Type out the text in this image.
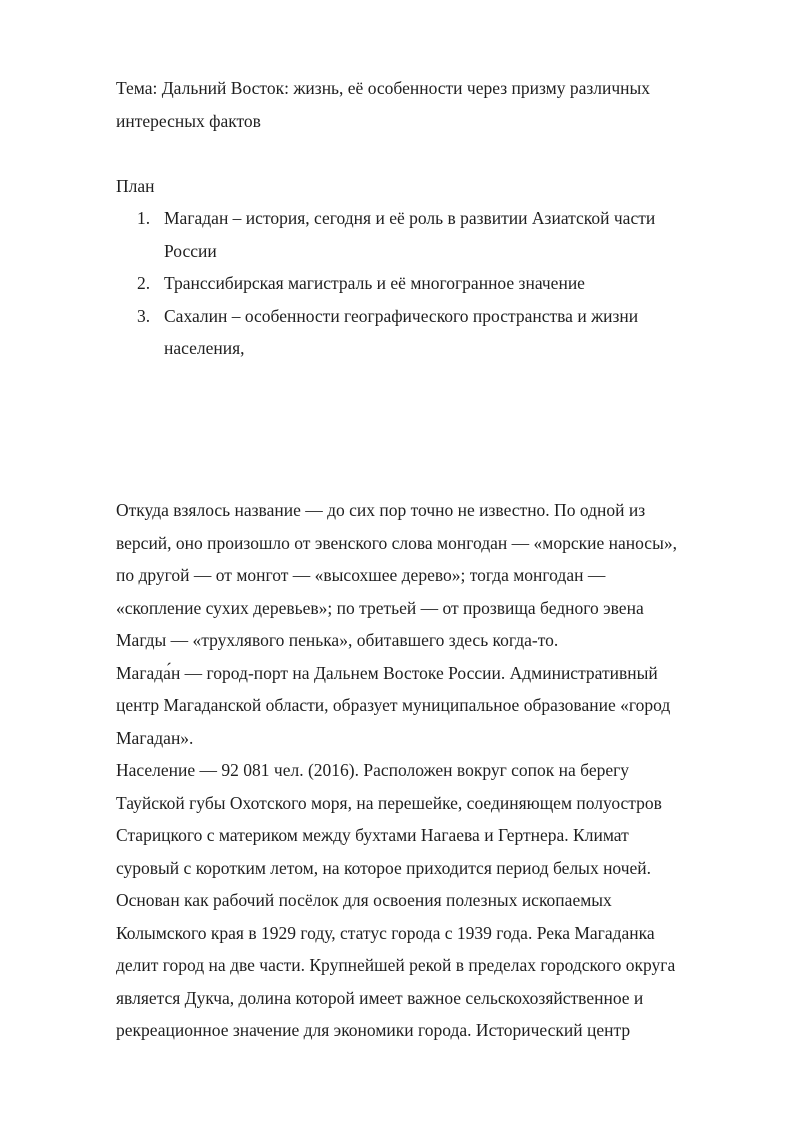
Тема: Дальний Восток: жизнь, её особенности через призму различных
интересных фактов
План
1. Магадан – история, сегодня и её роль в развитии Азиатской части
России
2. Транссибирская магистраль и её многогранное значение
3. Сахалин – особенности географического пространства и жизни
населения,

Откуда взялось название — до сих пор точно не известно. По одной из
версий, оно произошло от эвенского слова монгодан — «морские наносы»,
по другой — от монгот — «высохшее дерево»; тогда монгодан —
«скопление сухих деревьев»; по третьей — от прозвища бедного эвена
Магды — «трухлявого пенька», обитавшего здесь когда-то.

Магада́н — город-порт на Дальнем Востоке России. Административный
центр Магаданской области, образует муниципальное образование «город
Магадан».

Население — 92 081 чел. (2016). Расположен вокруг сопок на берегу
Тауйской губы Охотского моря, на перешейке, соединяющем полуостров
Старицкого с материком между бухтами Нагаева и Гертнера. Климат
суровый с коротким летом, на которое приходится период белых ночей.
Основан как рабочий посёлок для освоения полезных ископаемых
Колымского края в 1929 году, статус города с 1939 года. Река Магаданка
делит город на две части. Крупнейшей рекой в пределах городского округа
является Дукча, долина которой имеет важное сельскохозяйственное и
рекреационное значение для экономики города. Исторический центр
